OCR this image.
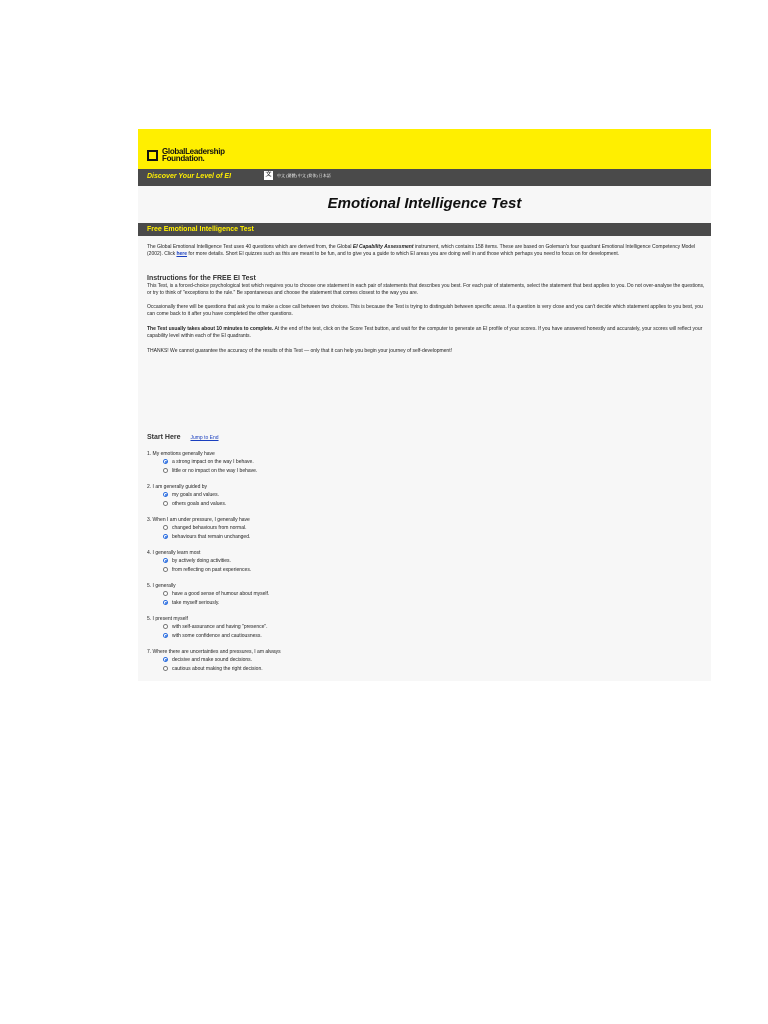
GlobalLeadership
Foundation.
Discover Your Level of EI	文	中文 (繁體) 中文 (简体) 日本語
Emotional Intelligence Test
Free Emotional Intelligence Test
The Global Emotional Intelligence Test uses 40 questions which are derived from, the Global EI Capability Assessment instrument, which contains 158 items. These are based on Goleman's four quadrant Emotional Intelligence Competency Model (2002). Click here for more details. Short EI quizzes such as this are meant to be fun, and to give you a guide to which EI areas you are doing well in and those which perhaps you need to focus on for development.
Instructions for the FREE EI Test
This Test, is a forced-choice psychological test which requires you to choose one statement in each pair of statements that describes you best. For each pair of statements, select the statement that best applies to you. Do not over-analyse the questions, or try to think of "exceptions to the rule." Be spontaneous and choose the statement that comes closest to the way you are.
Occasionally there will be questions that ask you to make a close call between two choices. This is because the Test is trying to distinguish between specific areas. If a question is very close and you can't decide which statement applies to you best, you can come back to it after you have completed the other questions.
The Test usually takes about 10 minutes to complete. At the end of the test, click on the Score Test button, and wait for the computer to generate an EI profile of your scores. If you have answered honestly and accurately, your scores will reflect your capability level within each of the EI quadrants.
THANKS! We cannot guarantee the accuracy of the results of this Test — only that it can help you begin your journey of self-development!
Start Here Jump to End
1. My emotions generally have
a strong impact on the way I behave.
little or no impact on the way I behave.
2. I am generally guided by
my goals and values.
others goals and values.
3. When I am under pressure, I generally have
changed behaviours from normal.
behaviours that remain unchanged.
4. I generally learn most
by actively doing activities.
from reflecting on past experiences.
5. I generally
have a good sense of humour about myself.
take myself seriously.
5. I present myself
with self-assurance and having "presence".
with some confidence and cautiousness.
7. Where there are uncertainties and pressures, I am always
decisive and make sound decisions.
cautious about making the right decision.
